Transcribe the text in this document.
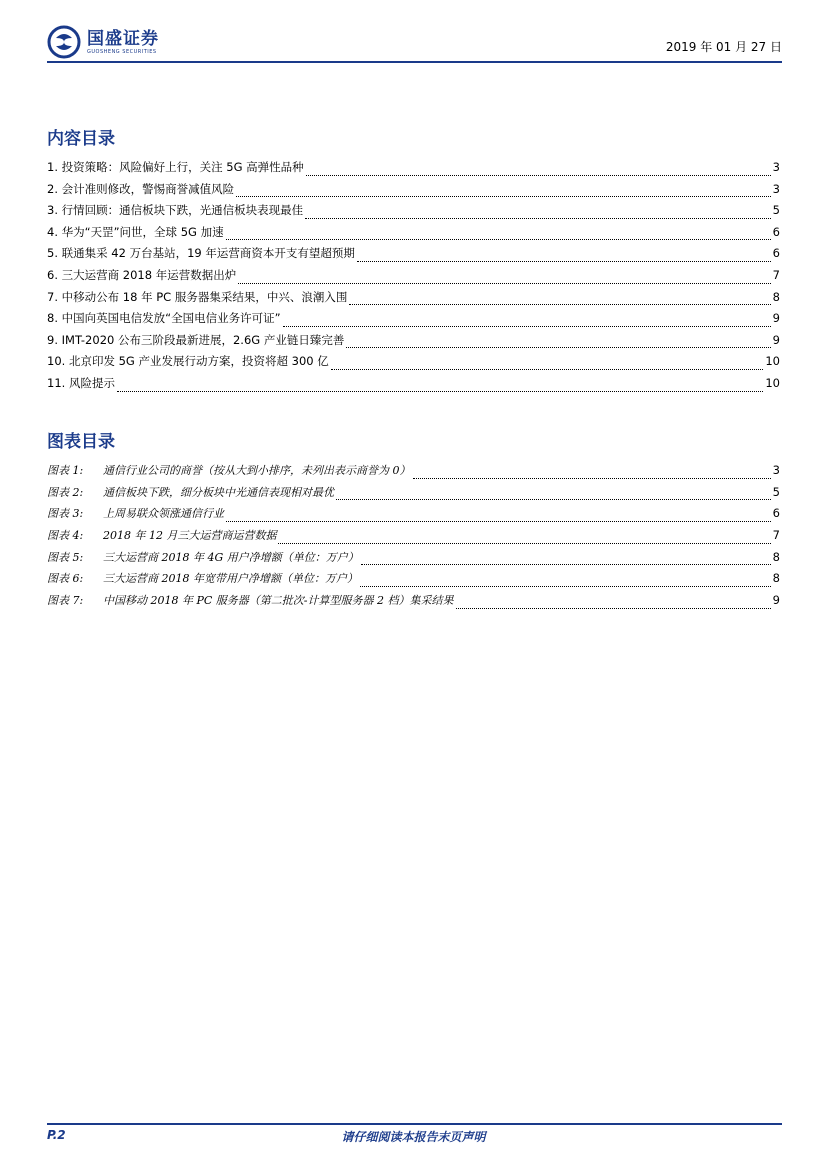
国盛证券
GUOSHENG SECURITIES	2019 年 01 月 27 日
内容目录
1. 投资策略：风险偏好上行，关注 5G 高弹性品种	3
2. 会计准则修改，警惕商誉减值风险	3
3. 行情回顾：通信板块下跌，光通信板块表现最佳	5
4. 华为“天罡”问世，全球 5G 加速	6
5. 联通集采 42 万台基站，19 年运营商资本开支有望超预期	6
6. 三大运营商 2018 年运营数据出炉	7
7. 中移动公布 18 年 PC 服务器集采结果，中兴、浪潮入围	8
8. 中国向英国电信发放“全国电信业务许可证”	9
9. IMT-2020 公布三阶段最新进展，2.6G 产业链日臻完善	9
10. 北京印发 5G 产业发展行动方案，投资将超 300 亿	10
11. 风险提示	10
图表目录
图表 1:	通信行业公司的商誉（按从大到小排序，未列出表示商誉为 0）	3
图表 2:	通信板块下跌，细分板块中光通信表现相对最优	5
图表 3:	上周易联众领涨通信行业	6
图表 4:	2018 年 12 月三大运营商运营数据	7
图表 5:	三大运营商 2018 年 4G 用户净增额（单位：万户）	8
图表 6:	三大运营商 2018 年宽带用户净增额（单位：万户）	8
图表 7:	中国移动 2018 年 PC 服务器（第二批次-计算型服务器 2 档）集采结果	9
P.2	请仔细阅读本报告末页声明
